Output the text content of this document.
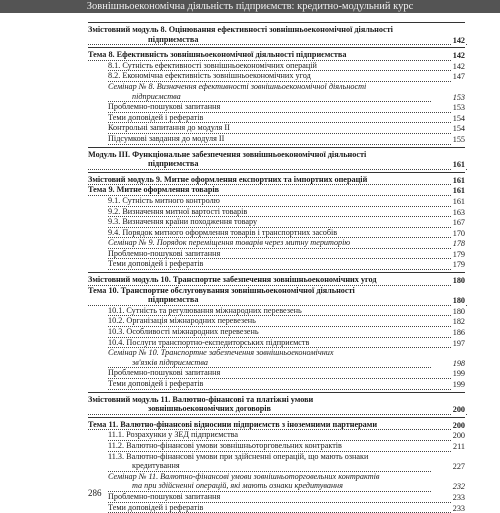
Зовнішньоекономічна діяльність підприємств: кредитно-модульний курс
Змістовний модуль 8. Оцінювання ефективності зовнішньоекономічної діяльності
підприємства	142
Тема 8. Ефективність зовнішньоекономічної діяльності підприємства	142
8.1. Сутність ефективності зовнішньоекономічних операцій	142
8.2. Економічна ефективність зовнішньоекономічних угод	147
Семінар № 8. Визначення ефективності зовнішньоекономічної діяльності
підприємства	153
Проблемно-пошукові запитання	153
Теми доповідей і рефератів	154
Контрольні запитання до модуля II	154
Підсумкові завдання до модуля II	155
Модуль III. Функціональне забезпечення зовнішньоекономічної діяльності
підприємства	161
Змістовий модуль 9. Митне оформлення експортних та імпортних операцій	161
Тема 9. Митне оформлення товарів	161
9.1. Сутність митного контролю	161
9.2. Визначення митної вартості товарів	163
9.3. Визначення країни походження товару	167
9.4. Порядок митного оформлення товарів і транспортних засобів	170
Семінар № 9. Порядок переміщення товарів через митну територію	178
Проблемно-пошукові запитання	179
Теми доповідей і рефератів	179
Змістовний модуль 10. Транспортне забезпечення зовнішньоекономічних угод	180
Тема 10. Транспортне обслуговування зовнішньоекономічної діяльності
підприємства	180
10.1. Сутність та регулювання міжнародних перевезень	180
10.2. Організація міжнародних перевезень	182
10.3. Особливості міжнародних перевезень	186
10.4. Послуги транспортно-експедиторських підприємств	197
Семінар № 10. Транспортне забезпечення зовнішньоекономічних
зв'язків підприємства	198
Проблемно-пошукові запитання	199
Теми доповідей і рефератів	199
Змістовний модуль 11. Валютно-фінансові та платіжні умови
зовнішньоекономічних договорів	200
Тема 11. Валютно-фінансові відносини підприємств з іноземними партнерами	200
11.1. Розрахунки у ЗЕД підприємства	200
11.2. Валютно-фінансові умови зовнішньоторговельних контрактів	211
11.3. Валютно-фінансові умови при здійсненні операцій, що мають ознаки
кредитування	227
Семінар № 11. Валютно-фінансові умови зовнішньоторговельних контрактів
та при здійсненні операцій, які мають ознаки кредитування	232
Проблемно-пошукові запитання	233
Теми доповідей і рефератів	233
286
